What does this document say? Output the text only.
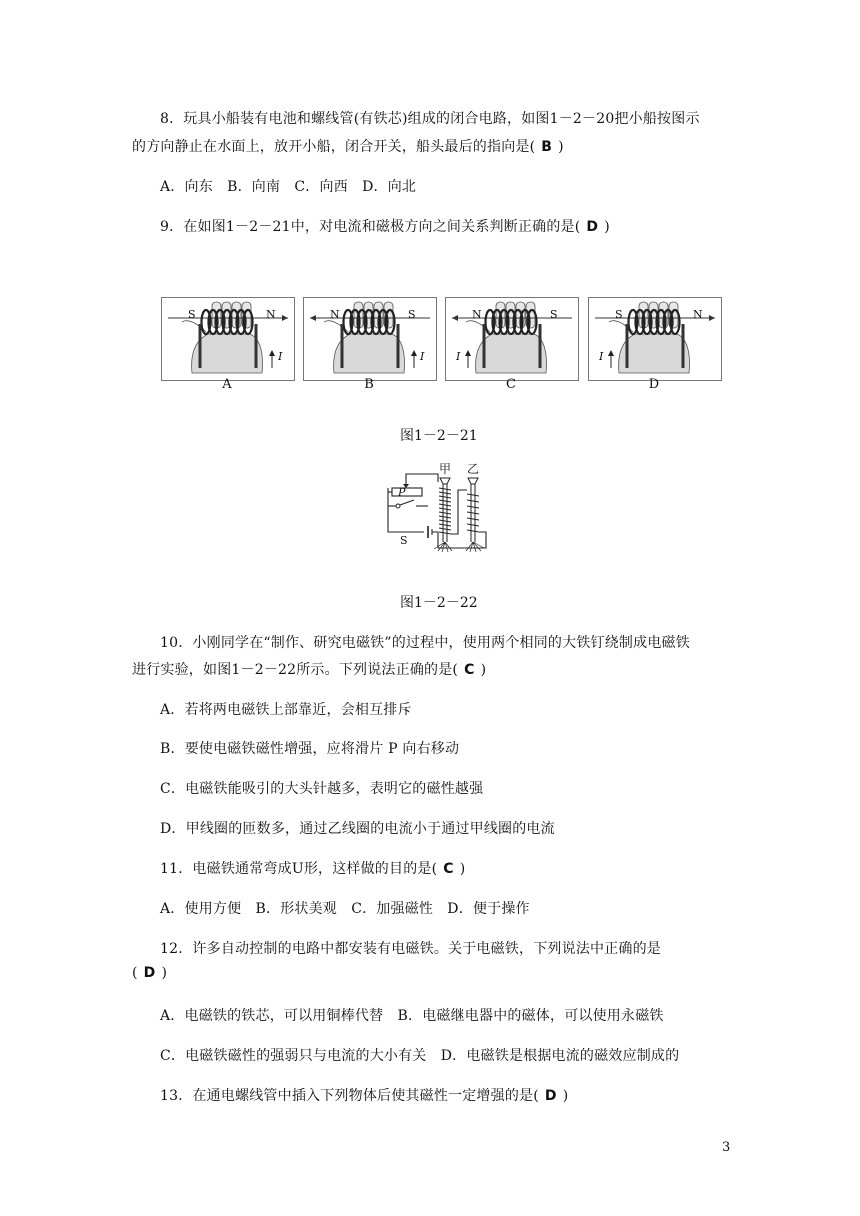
8．玩具小船装有电池和螺线管(有铁芯)组成的闭合电路，如图1－2－20把小船按图示
的方向静止在水面上，放开小船，闭合开关，船头最后的指向是( B )
A．向东　B．向南　C．向西　D．向北
9．在如图1－2－21中，对电流和磁极方向之间关系判断正确的是( D )
S	N
I
A
N	S
I
B
N	S
I
C
S	N
I
D
图1－2－21
甲 乙
P
S
图1－2－22
10．小刚同学在“制作、研究电磁铁”的过程中，使用两个相同的大铁钉绕制成电磁铁
进行实验，如图1－2－22所示。下列说法正确的是( C )
A．若将两电磁铁上部靠近，会相互排斥
B．要使电磁铁磁性增强，应将滑片 P 向右移动
C．电磁铁能吸引的大头针越多，表明它的磁性越强
D．甲线圈的匝数多，通过乙线圈的电流小于通过甲线圈的电流
11．电磁铁通常弯成U形，这样做的目的是( C )
A．使用方便　B．形状美观　C．加强磁性　D．便于操作
12．许多自动控制的电路中都安装有电磁铁。关于电磁铁，下列说法中正确的是
( D )
A．电磁铁的铁芯，可以用铜棒代替　B．电磁继电器中的磁体，可以使用永磁铁
C．电磁铁磁性的强弱只与电流的大小有关　D．电磁铁是根据电流的磁效应制成的
13．在通电螺线管中插入下列物体后使其磁性一定增强的是( D )
3
